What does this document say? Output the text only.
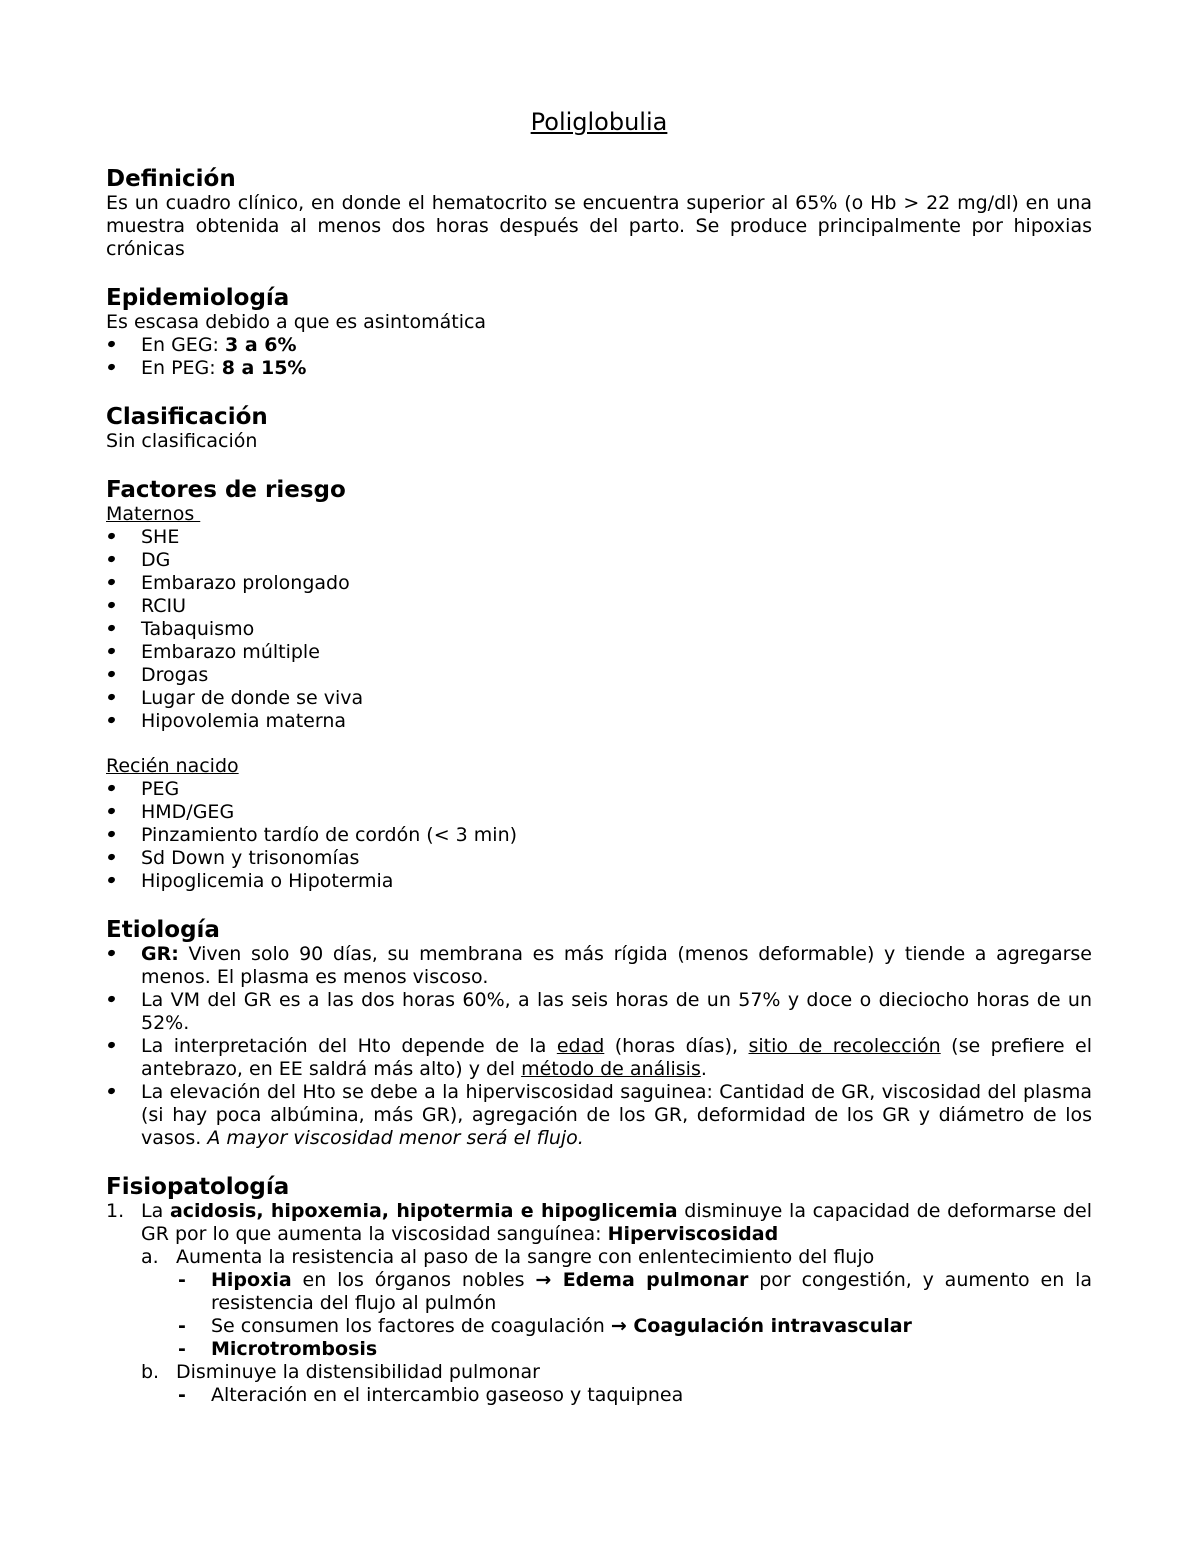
Poliglobulia
Definición

Es un cuadro clínico, en donde el hematocrito se encuentra superior al 65% (o Hb > 22 mg/dl) en una muestra obtenida al menos dos horas después del parto. Se produce principalmente por hipoxias crónicas

Epidemiología

Es escasa debido a que es asintomática

En GEG: 3 a 6%
En PEG: 8 a 15%
Clasificación

Sin clasificación

Factores de riesgo
Maternos
SHE
DG
Embarazo prolongado
RCIU
Tabaquismo
Embarazo múltiple
Drogas
Lugar de donde se viva
Hipovolemia materna
Recién nacido
PEG
HMD/GEG
Pinzamiento tardío de cordón (< 3 min)
Sd Down y trisonomías
Hipoglicemia o Hipotermia
Etiología
GR: Viven solo 90 días, su membrana es más rígida (menos deformable) y tiende a agregarse menos. El plasma es menos viscoso.
La VM del GR es a las dos horas 60%, a las seis horas de un 57% y doce o dieciocho horas de un 52%.
La interpretación del Hto depende de la edad (horas días), sitio de recolección (se prefiere el antebrazo, en EE saldrá más alto) y del método de análisis.
La elevación del Hto se debe a la hiperviscosidad saguinea: Cantidad de GR, viscosidad del plasma (si hay poca albúmina, más GR), agregación de los GR, deformidad de los GR y diámetro de los vasos. A mayor viscosidad menor será el flujo.
Fisiopatología
1. La acidosis, hipoxemia, hipotermia e hipoglicemia disminuye la capacidad de deformarse del GR por lo que aumenta la viscosidad sanguínea: Hiperviscosidad
a. Aumenta la resistencia al paso de la sangre con enlentecimiento del flujo
- Hipoxia en los órganos nobles → Edema pulmonar por congestión, y aumento en la resistencia del flujo al pulmón
- Se consumen los factores de coagulación → Coagulación intravascular
- Microtrombosis
b. Disminuye la distensibilidad pulmonar
- Alteración en el intercambio gaseoso y taquipnea
